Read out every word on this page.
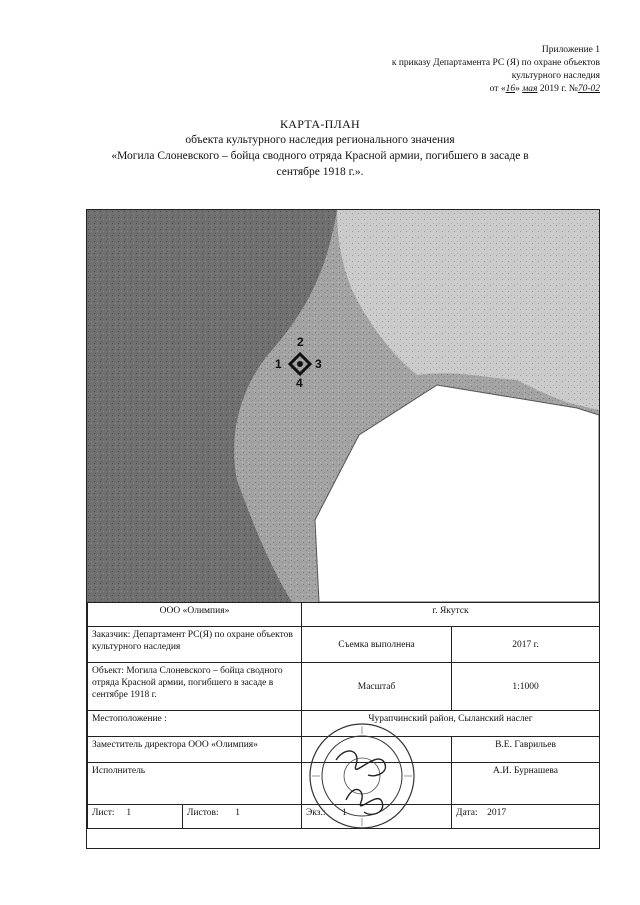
Приложение 1
к приказу Департамента РС (Я) по охране объектов
культурного наследия
от «16» мая 2019 г. №70-02
КАРТА-ПЛАН
объекта культурного наследия регионального значения
«Могила Слоневского – бойца сводного отряда Красной армии, погибшего в засаде в
сентябре 1918 г.».
2
1	3
4
ООО «Олимпия»		г. Якутск	
Заказчик: Департамент РС(Я) по охране объектов культурного наследия		Съемка выполнена	2017 г.
Объект: Могила Слоневского – бойца сводного отряда Красной армии, погибшего в засаде в сентябре 1918 г.		Масштаб	1:1000
Местоположение :		Чурапчинский район, Сыланский наслег	
Заместитель директора ООО «Олимпия»			В.Е. Гаврильев
Исполнитель			А.И. Бурнашева
Лист: 1	Листов: 1	Экз.: 1	Дата: 2017
